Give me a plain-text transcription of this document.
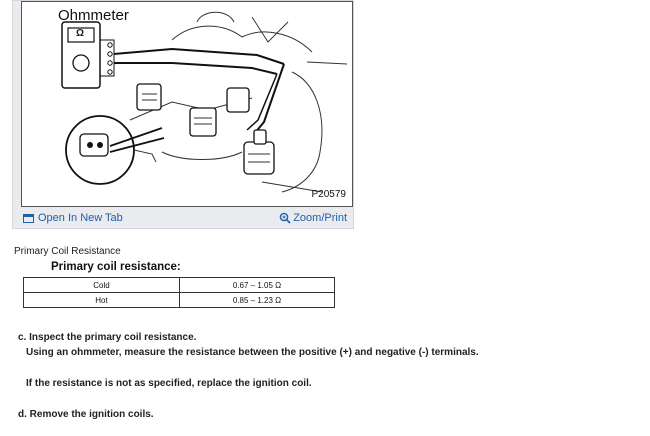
Ohmmeter
Ω
P20579
Open In New Tab	Zoom/Print
Primary Coil Resistance
Primary coil resistance:
Cold	0.67 – 1.05 Ω
Hot	0.85 – 1.23 Ω
c. Inspect the primary coil resistance.
Using an ohmmeter, measure the resistance between the positive (+) and negative (-) terminals.
If the resistance is not as specified, replace the ignition coil.
d. Remove the ignition coils.
